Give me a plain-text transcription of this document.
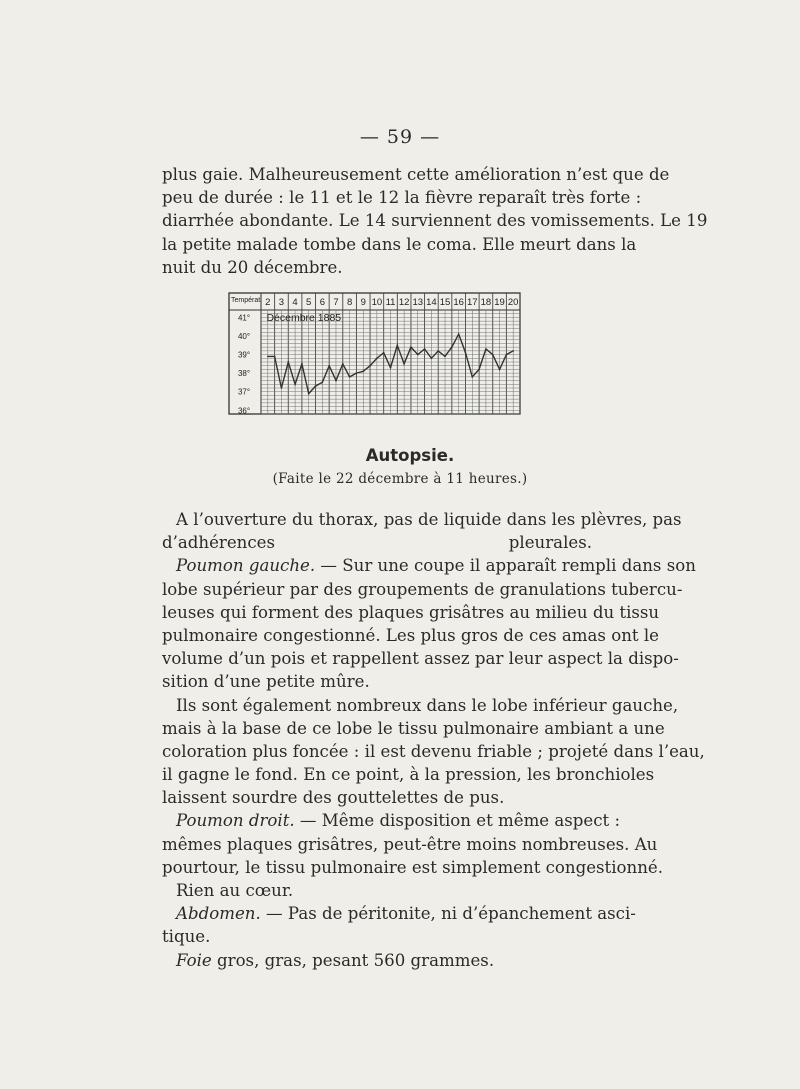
— 59 —
plus gaie. Malheureusement cette amélioration n’est que de
peu de durée : le 11 et le 12 la fièvre reparaît très forte :
diarrhée abondante. Le 14 surviennent des vomissements. Le 19
la petite malade tombe dans le coma. Elle meurt dans la
nuit du 20 décembre.
Températ. 2 3 4 5 6 7 8 9 10 11 12 13 14 15 16 17 18 19 20
Décembre 1885
41°
40°
39°
38°
37°
36°
Autopsie.
(Faite le 22 décembre à 11 heures.)
A l’ouverture du thorax, pas de liquide dans les plèvres, pas
d’adhérences pleurales.
Poumon gauche. — Sur une coupe il apparaît rempli dans son
lobe supérieur par des groupements de granulations tubercu-
leuses qui forment des plaques grisâtres au milieu du tissu
pulmonaire congestionné. Les plus gros de ces amas ont le
volume d’un pois et rappellent assez par leur aspect la dispo-
sition d’une petite mûre.
Ils sont également nombreux dans le lobe inférieur gauche,
mais à la base de ce lobe le tissu pulmonaire ambiant a une
coloration plus foncée : il est devenu friable ; projeté dans l’eau,
il gagne le fond. En ce point, à la pression, les bronchioles
laissent sourdre des gouttelettes de pus.
Poumon droit. — Même disposition et même aspect :
mêmes plaques grisâtres, peut-être moins nombreuses. Au
pourtour, le tissu pulmonaire est simplement congestionné.
Rien au cœur.
Abdomen. — Pas de péritonite, ni d’épanchement asci-
tique.
Foie gros, gras, pesant 560 grammes.
